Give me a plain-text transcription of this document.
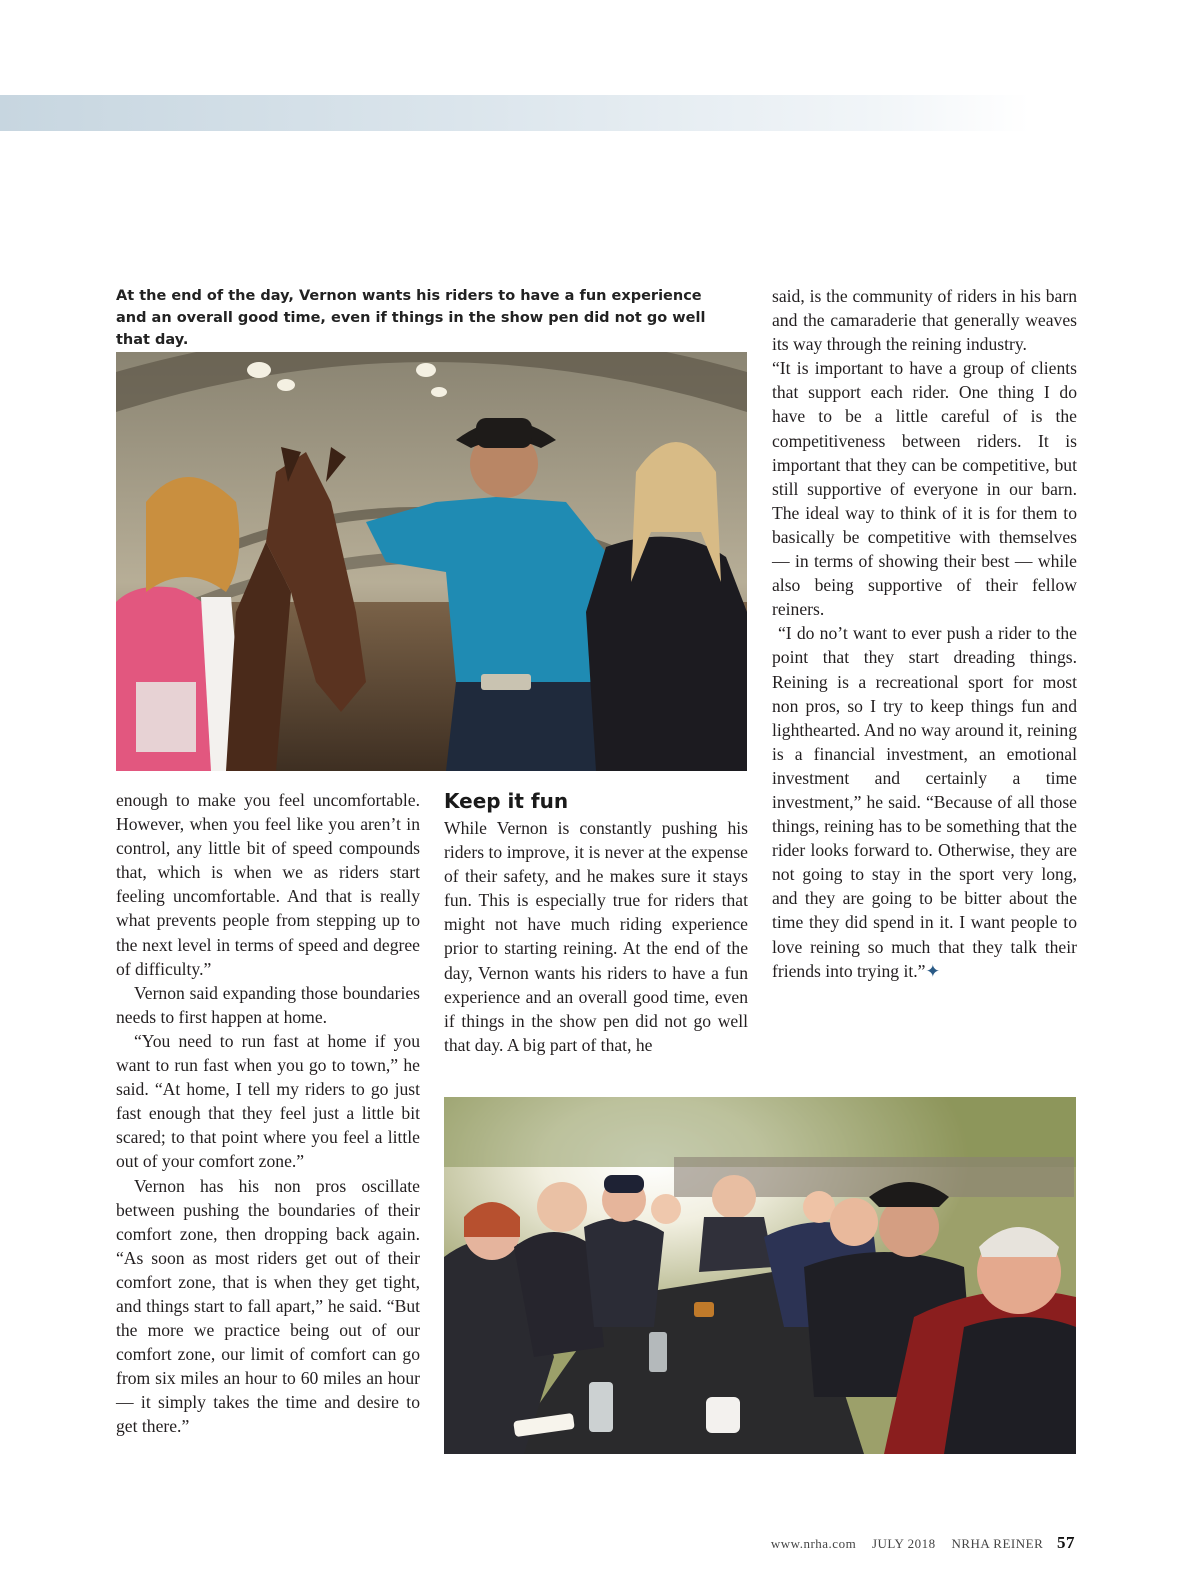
At the end of the day, Vernon wants his riders to have a fun experience and an overall good time, even if things in the show pen did not go well that day.

enough to make you feel uncomfortable. However, when you feel like you aren’t in control, any little bit of speed compounds that, which is when we as riders start feeling uncomfortable. And that is really what prevents people from stepping up to the next level in terms of speed and degree of difficulty.”

Vernon said expanding those boundaries needs to first happen at home.

“You need to run fast at home if you want to run fast when you go to town,” he said. “At home, I tell my riders to go just fast enough that they feel just a little bit scared; to that point where you feel a little out of your comfort zone.”

Vernon has his non pros oscillate between pushing the boundaries of their comfort zone, then dropping back again. “As soon as most riders get out of their comfort zone, that is when they get tight, and things start to fall apart,” he said. “But the more we practice being out of our comfort zone, our limit of comfort can go from six miles an hour to 60 miles an hour — it simply takes the time and desire to get there.”

Keep it fun

While Vernon is constantly pushing his riders to improve, it is never at the expense of their safety, and he makes sure it stays fun. This is especially true for riders that might not have much riding experience prior to starting reining. At the end of the day, Vernon wants his riders to have a fun experience and an overall good time, even if things in the show pen did not go well that day. A big part of that, he

said, is the community of riders in his barn and the camaraderie that generally weaves its way through the reining industry.

“It is important to have a group of clients that support each rider. One thing I do have to be a little careful of is the competitiveness between riders. It is important that they can be competitive, but still supportive of everyone in our barn. The ideal way to think of it is for them to basically be competitive with themselves — in terms of showing their best — while also being supportive of their fellow reiners.

“I do no’t want to ever push a rider to the point that they start dreading things. Reining is a recreational sport for most non pros, so I try to keep things fun and lighthearted. And no way around it, reining is a financial investment, an emotional investment and certainly a time investment,” he said. “Because of all those things, reining has to be something that the rider looks forward to. Otherwise, they are not going to stay in the sport very long, and they are going to be bitter about the time they did spend in it. I want people to love reining so much that they talk their friends into trying it.”✦

www.nrha.com JULY 2018 NRHA REINER 57
